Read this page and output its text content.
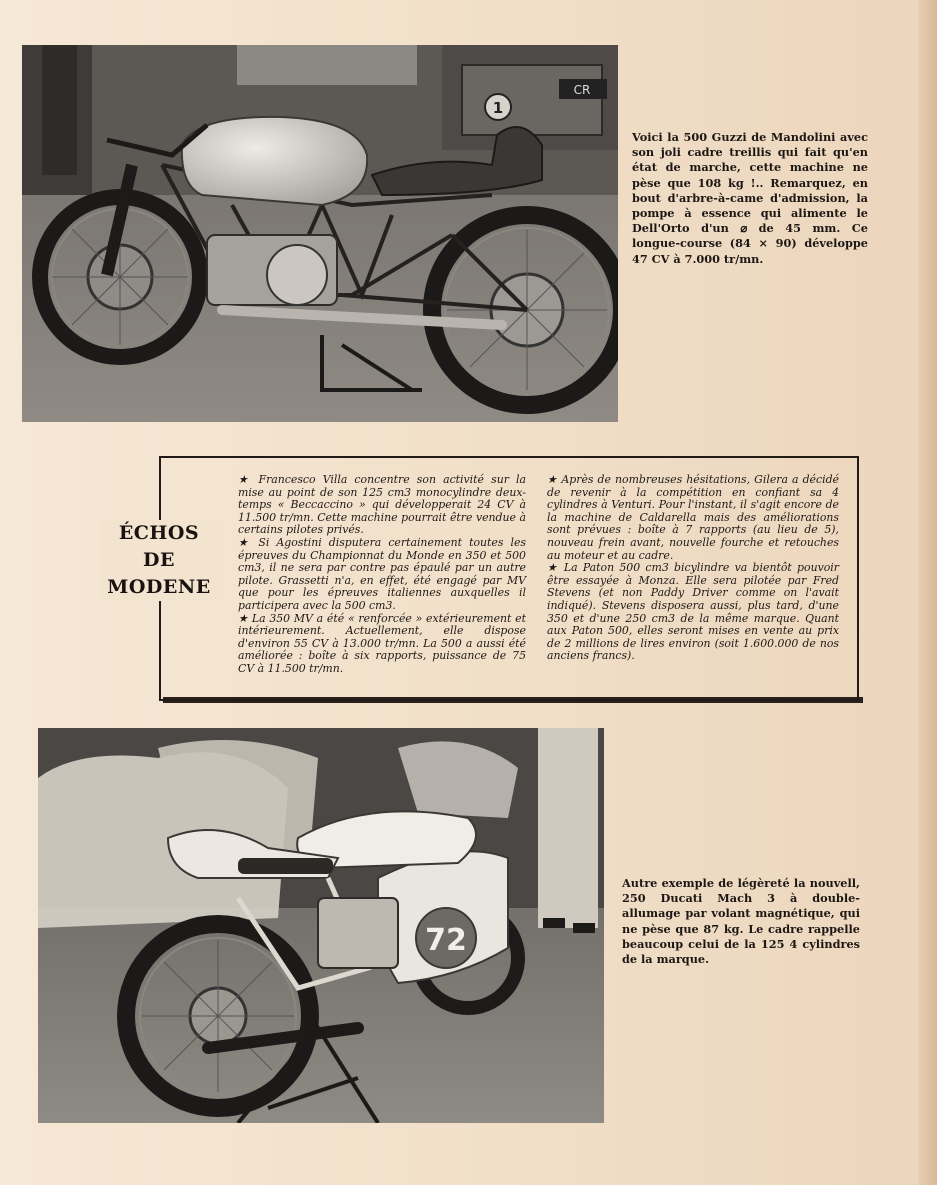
1
CR
Voici la 500 Guzzi de Mandolini avec son joli cadre treillis qui fait qu'en état de marche, cette machine ne pèse que 108 kg !.. Remarquez, en bout d'arbre-à-came d'admission, la pompe à essence qui alimente le Dell'Orto d'un ⌀ de 45 mm. Ce longue-course (84 × 90) développe 47 CV à 7.000 tr/mn.
ÉCHOS
DE
MODENE

★ Francesco Villa concentre son activité sur la mise au point de son 125 cm3 monocylindre deux-temps « Beccaccino » qui développerait 24 CV à 11.500 tr/mn. Cette machine pourrait être vendue à certains pilotes privés.

★ Si Agostini disputera certainement toutes les épreuves du Championnat du Monde en 350 et 500 cm3, il ne sera par contre pas épaulé par un autre pilote. Grassetti n'a, en effet, été engagé par MV que pour les épreuves italiennes auxquelles il participera avec la 500 cm3.

★ La 350 MV a été « renforcée » extérieurement et intérieurement. Actuellement, elle dispose d'environ 55 CV à 13.000 tr/mn. La 500 a aussi été améliorée : boîte à six rapports, puissance de 75 CV à 11.500 tr/mn.

★ Après de nombreuses hésitations, Gilera a décidé de revenir à la compétition en confiant sa 4 cylindres à Venturi. Pour l'instant, il s'agit encore de la machine de Caldarella mais des améliorations sont prévues : boîte à 7 rapports (au lieu de 5), nouveau frein avant, nouvelle fourche et retouches au moteur et au cadre.

★ La Paton 500 cm3 bicylindre va bientôt pouvoir être essayée à Monza. Elle sera pilotée par Fred Stevens (et non Paddy Driver comme on l'avait indiqué). Stevens disposera aussi, plus tard, d'une 350 et d'une 250 cm3 de la même marque. Quant aux Paton 500, elles seront mises en vente au prix de 2 millions de lires environ (soit 1.600.000 de nos anciens francs).

72
Autre exemple de légèreté la nouvell, 250 Ducati Mach 3 à double-allumage par volant magnétique, qui ne pèse que 87 kg. Le cadre rappelle beaucoup celui de la 125 4 cylindres de la marque.
